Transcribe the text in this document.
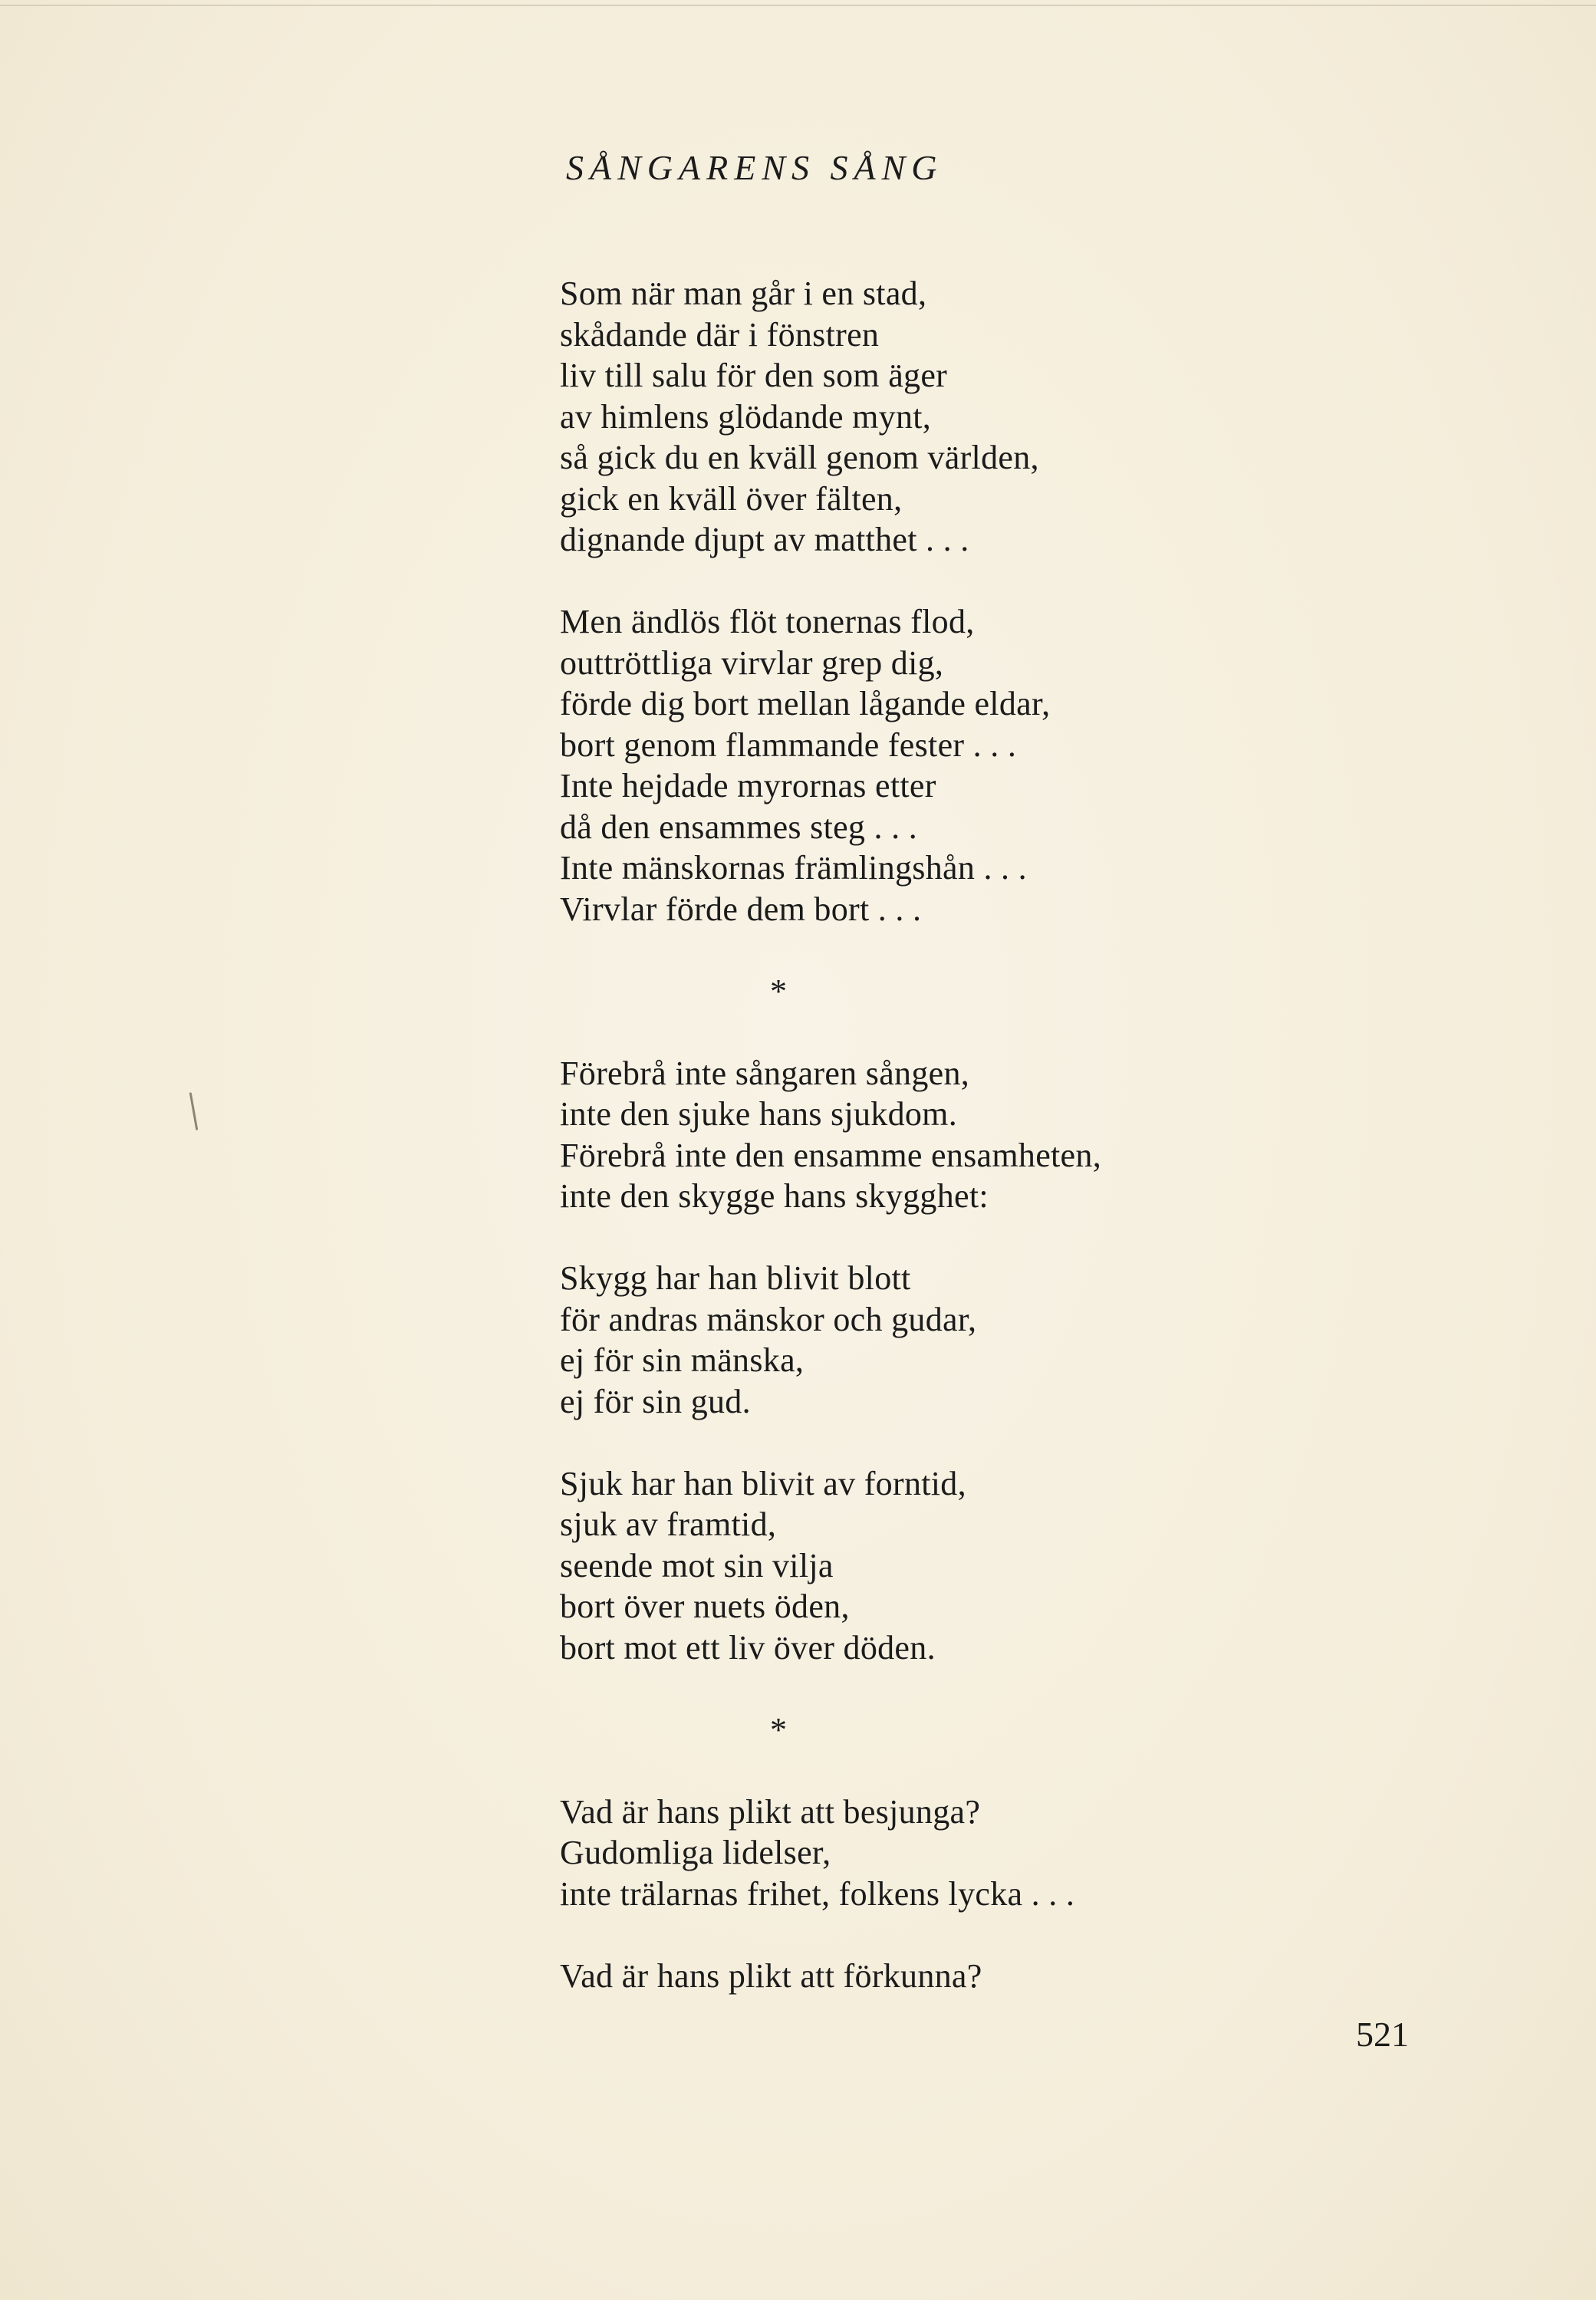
SÅNGARENS SÅNG
Som när man går i en stad,
skådande där i fönstren
liv till salu för den som äger
av himlens glödande mynt,
så gick du en kväll genom världen,
gick en kväll över fälten,
dignande djupt av matthet . . .
Men ändlös flöt tonernas flod,
outtröttliga virvlar grep dig,
förde dig bort mellan lågande eldar,
bort genom flammande fester . . .
Inte hejdade myrornas etter
då den ensammes steg . . .
Inte mänskornas främlingshån . . .
Virvlar förde dem bort . . .
*
Förebrå inte sångaren sången,
inte den sjuke hans sjukdom.
Förebrå inte den ensamme ensamheten,
inte den skygge hans skygghet:
Skygg har han blivit blott
för andras mänskor och gudar,
ej för sin mänska,
ej för sin gud.
Sjuk har han blivit av forntid,
sjuk av framtid,
seende mot sin vilja
bort över nuets öden,
bort mot ett liv över döden.
*
Vad är hans plikt att besjunga?
Gudomliga lidelser,
inte trälarnas frihet, folkens lycka . . .
Vad är hans plikt att förkunna?
521
